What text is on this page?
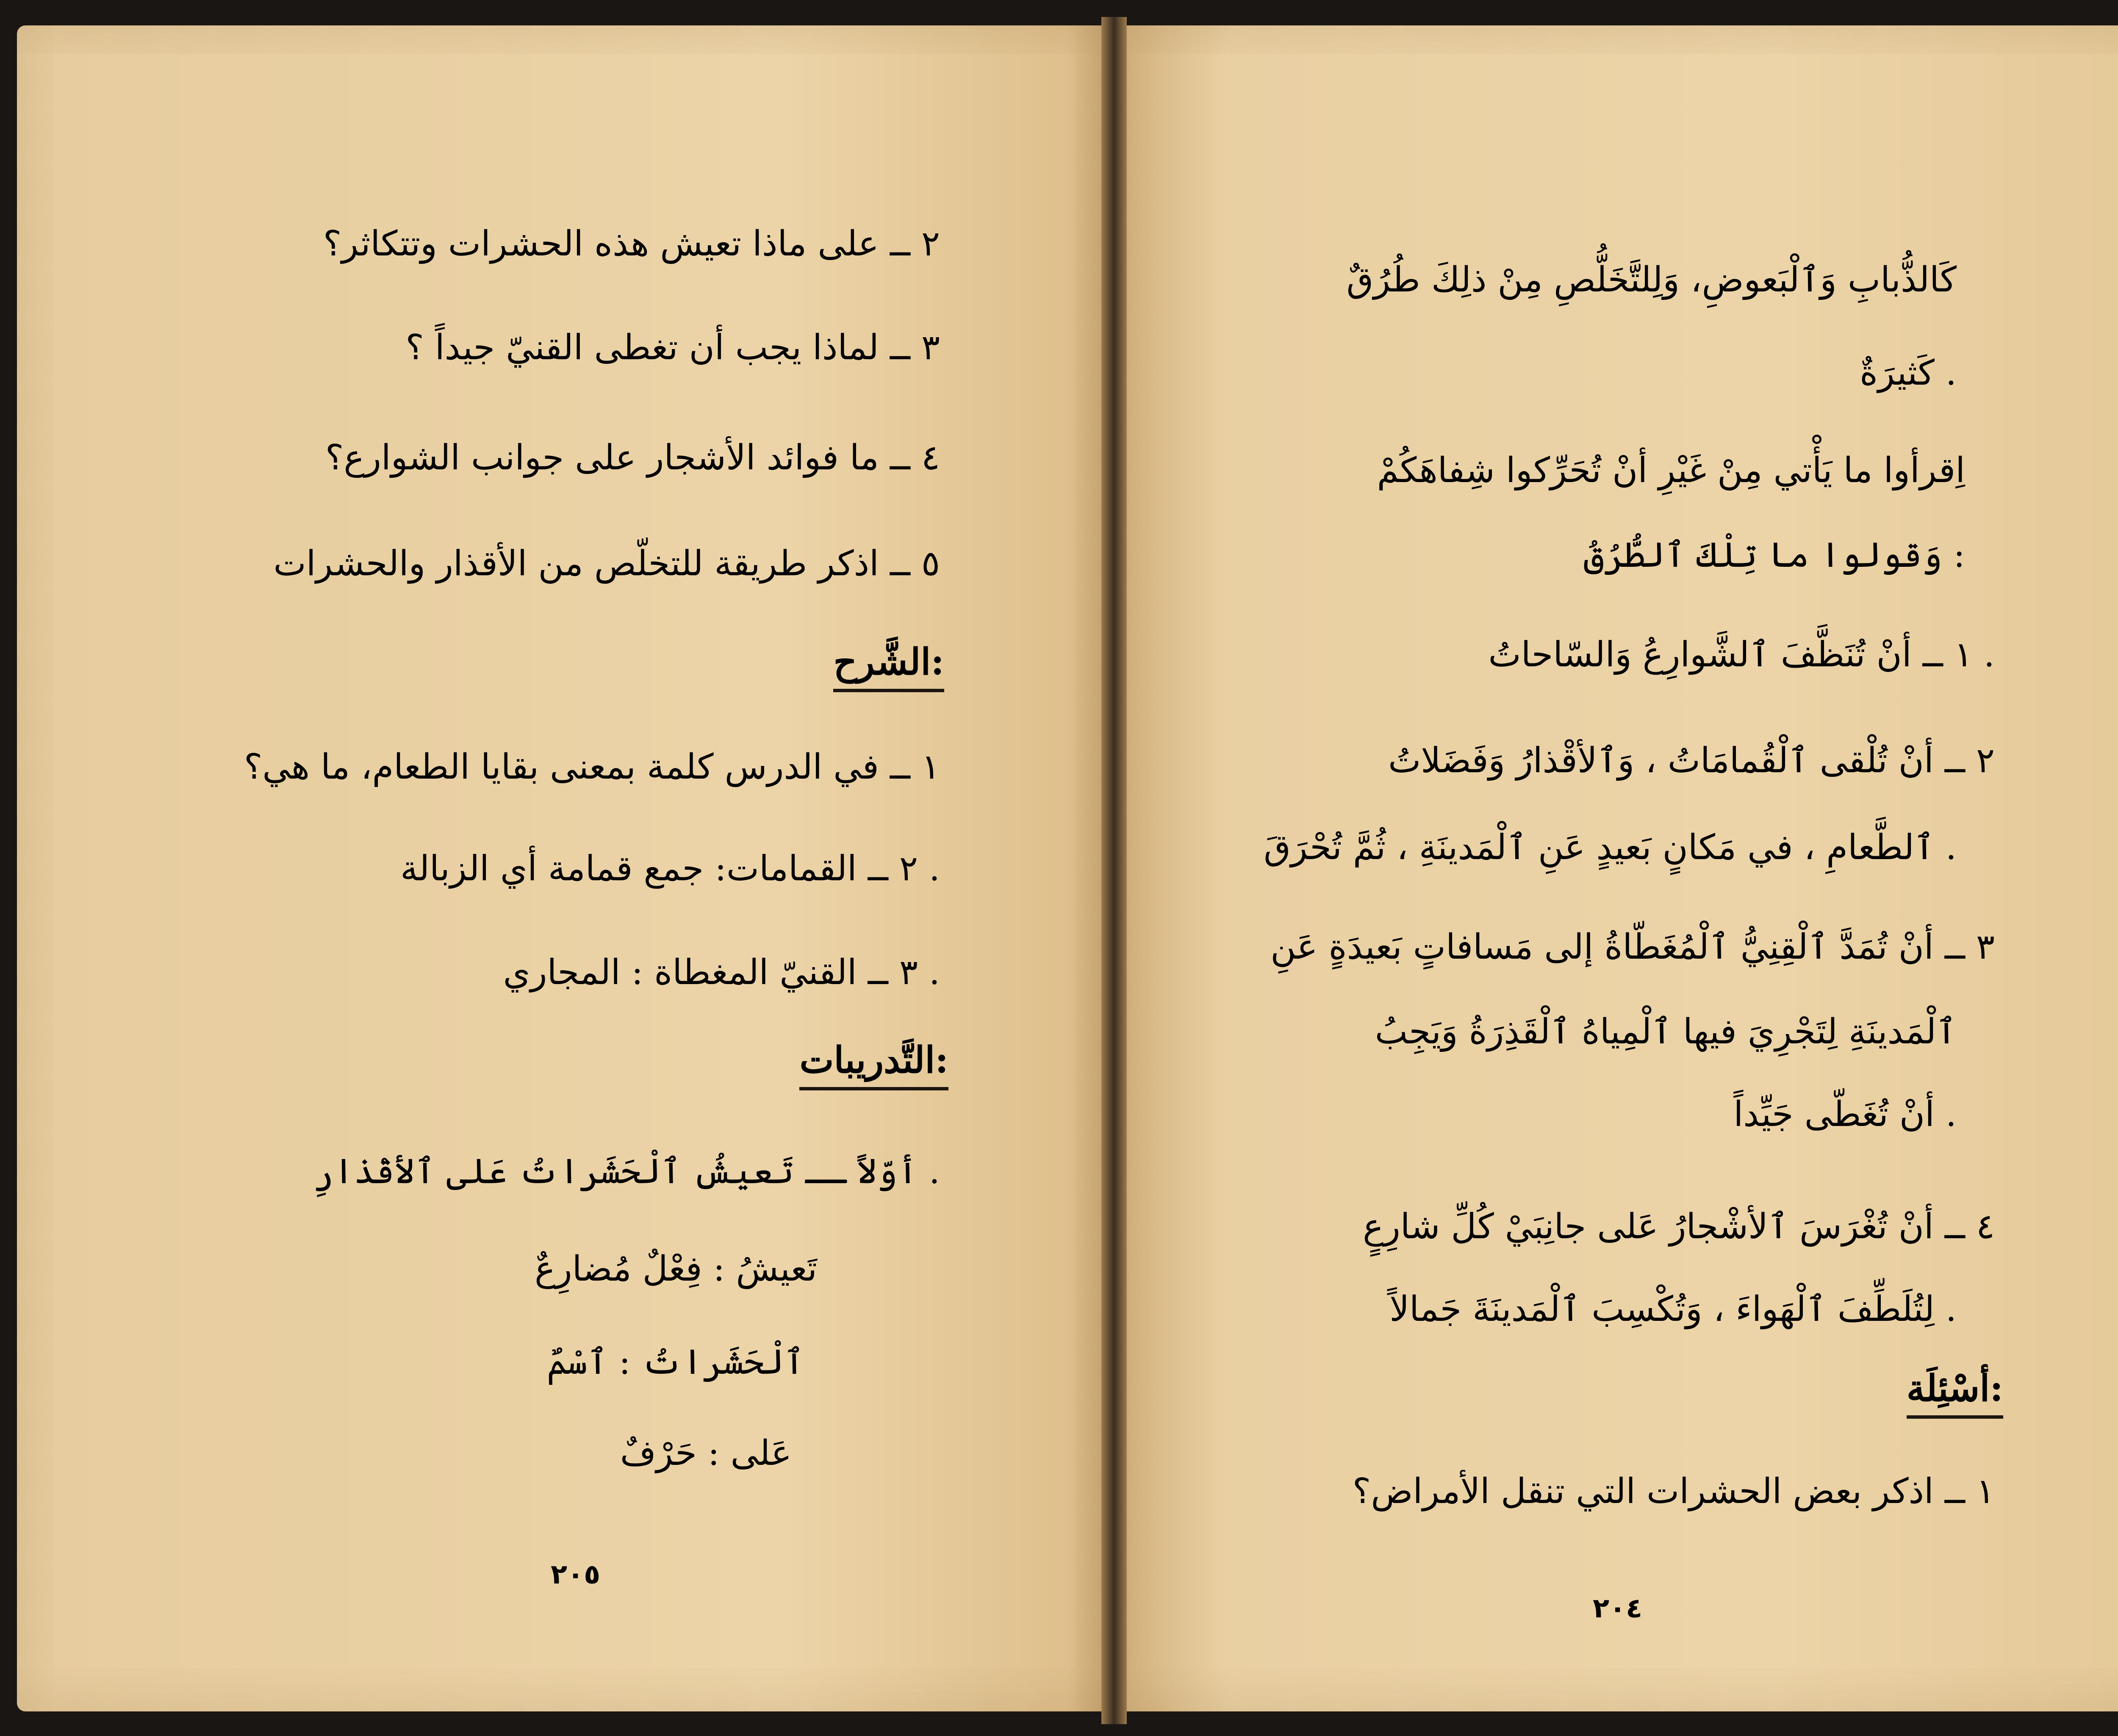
٢ ــ على ماذا تعيش هذه الحشرات وتتكاثر؟
٣ ــ لماذا يجب أن تغطى القنيّ جيداً ؟
٤ ــ ما فوائد الأشجار على جوانب الشوارع؟
٥ ــ اذكر طريقة للتخلّص من الأقذار والحشرات
الشَّرح:
١ ــ في الدرس كلمة بمعنى بقايا الطعام، ما هي؟
٢ ــ القمامات: جمع قمامة أي الزبالة .
٣ ــ القنيّ المغطاة : المجاري .
التَّدريبات:
أوّلاً ــ تَعيشُ ٱلْحَشَراتُ عَلى ٱلأقْذارِ .
تَعيشُ : فِعْلٌ مُضارِعٌ
ٱلْحَشَراتُ : ٱسْمٌ
عَلى : حَرْفٌ
٢٠٥
كَالذُّبابِ وَٱلْبَعوضِ، وَلِلتَّخَلُّصِ مِنْ ذلِكَ طُرُقٌ
كَثيرَةٌ .
اِقرأوا ما يَأْتي مِنْ غَيْرِ أنْ تُحَرِّكوا شِفاهَكُمْ
وَقولوا ما تِلْكَ ٱلطُّرُقُ :
١ ــ أنْ تُنَظَّفَ ٱلشَّوارِعُ وَالسّاحاتُ .
٢ ــ أنْ تُلْقى ٱلْقُمامَاتُ ، وَٱلأقْذارُ وَفَضَلاتُ
ٱلطَّعامِ ، في مَكانٍ بَعيدٍ عَنِ ٱلْمَدينَةِ ، ثُمَّ تُحْرَقَ .
٣ ــ أنْ تُمَدَّ ٱلْقِنِيُّ ٱلْمُغَطّاةُ إلى مَسافاتٍ بَعيدَةٍ عَنِ
ٱلْمَدينَةِ لِتَجْرِيَ فيها ٱلْمِياهُ ٱلْقَذِرَةُ وَيَجِبُ
أنْ تُغَطّى جَيِّداً .
٤ ــ أنْ تُغْرَسَ ٱلأشْجارُ عَلى جانِبَيْ كُلِّ شارِعٍ
لِتُلَطِّفَ ٱلْهَواءَ ، وَتُكْسِبَ ٱلْمَدينَةَ جَمالاً .
أسْئِلَة:
١ ــ اذكر بعض الحشرات التي تنقل الأمراض؟
٢٠٤
